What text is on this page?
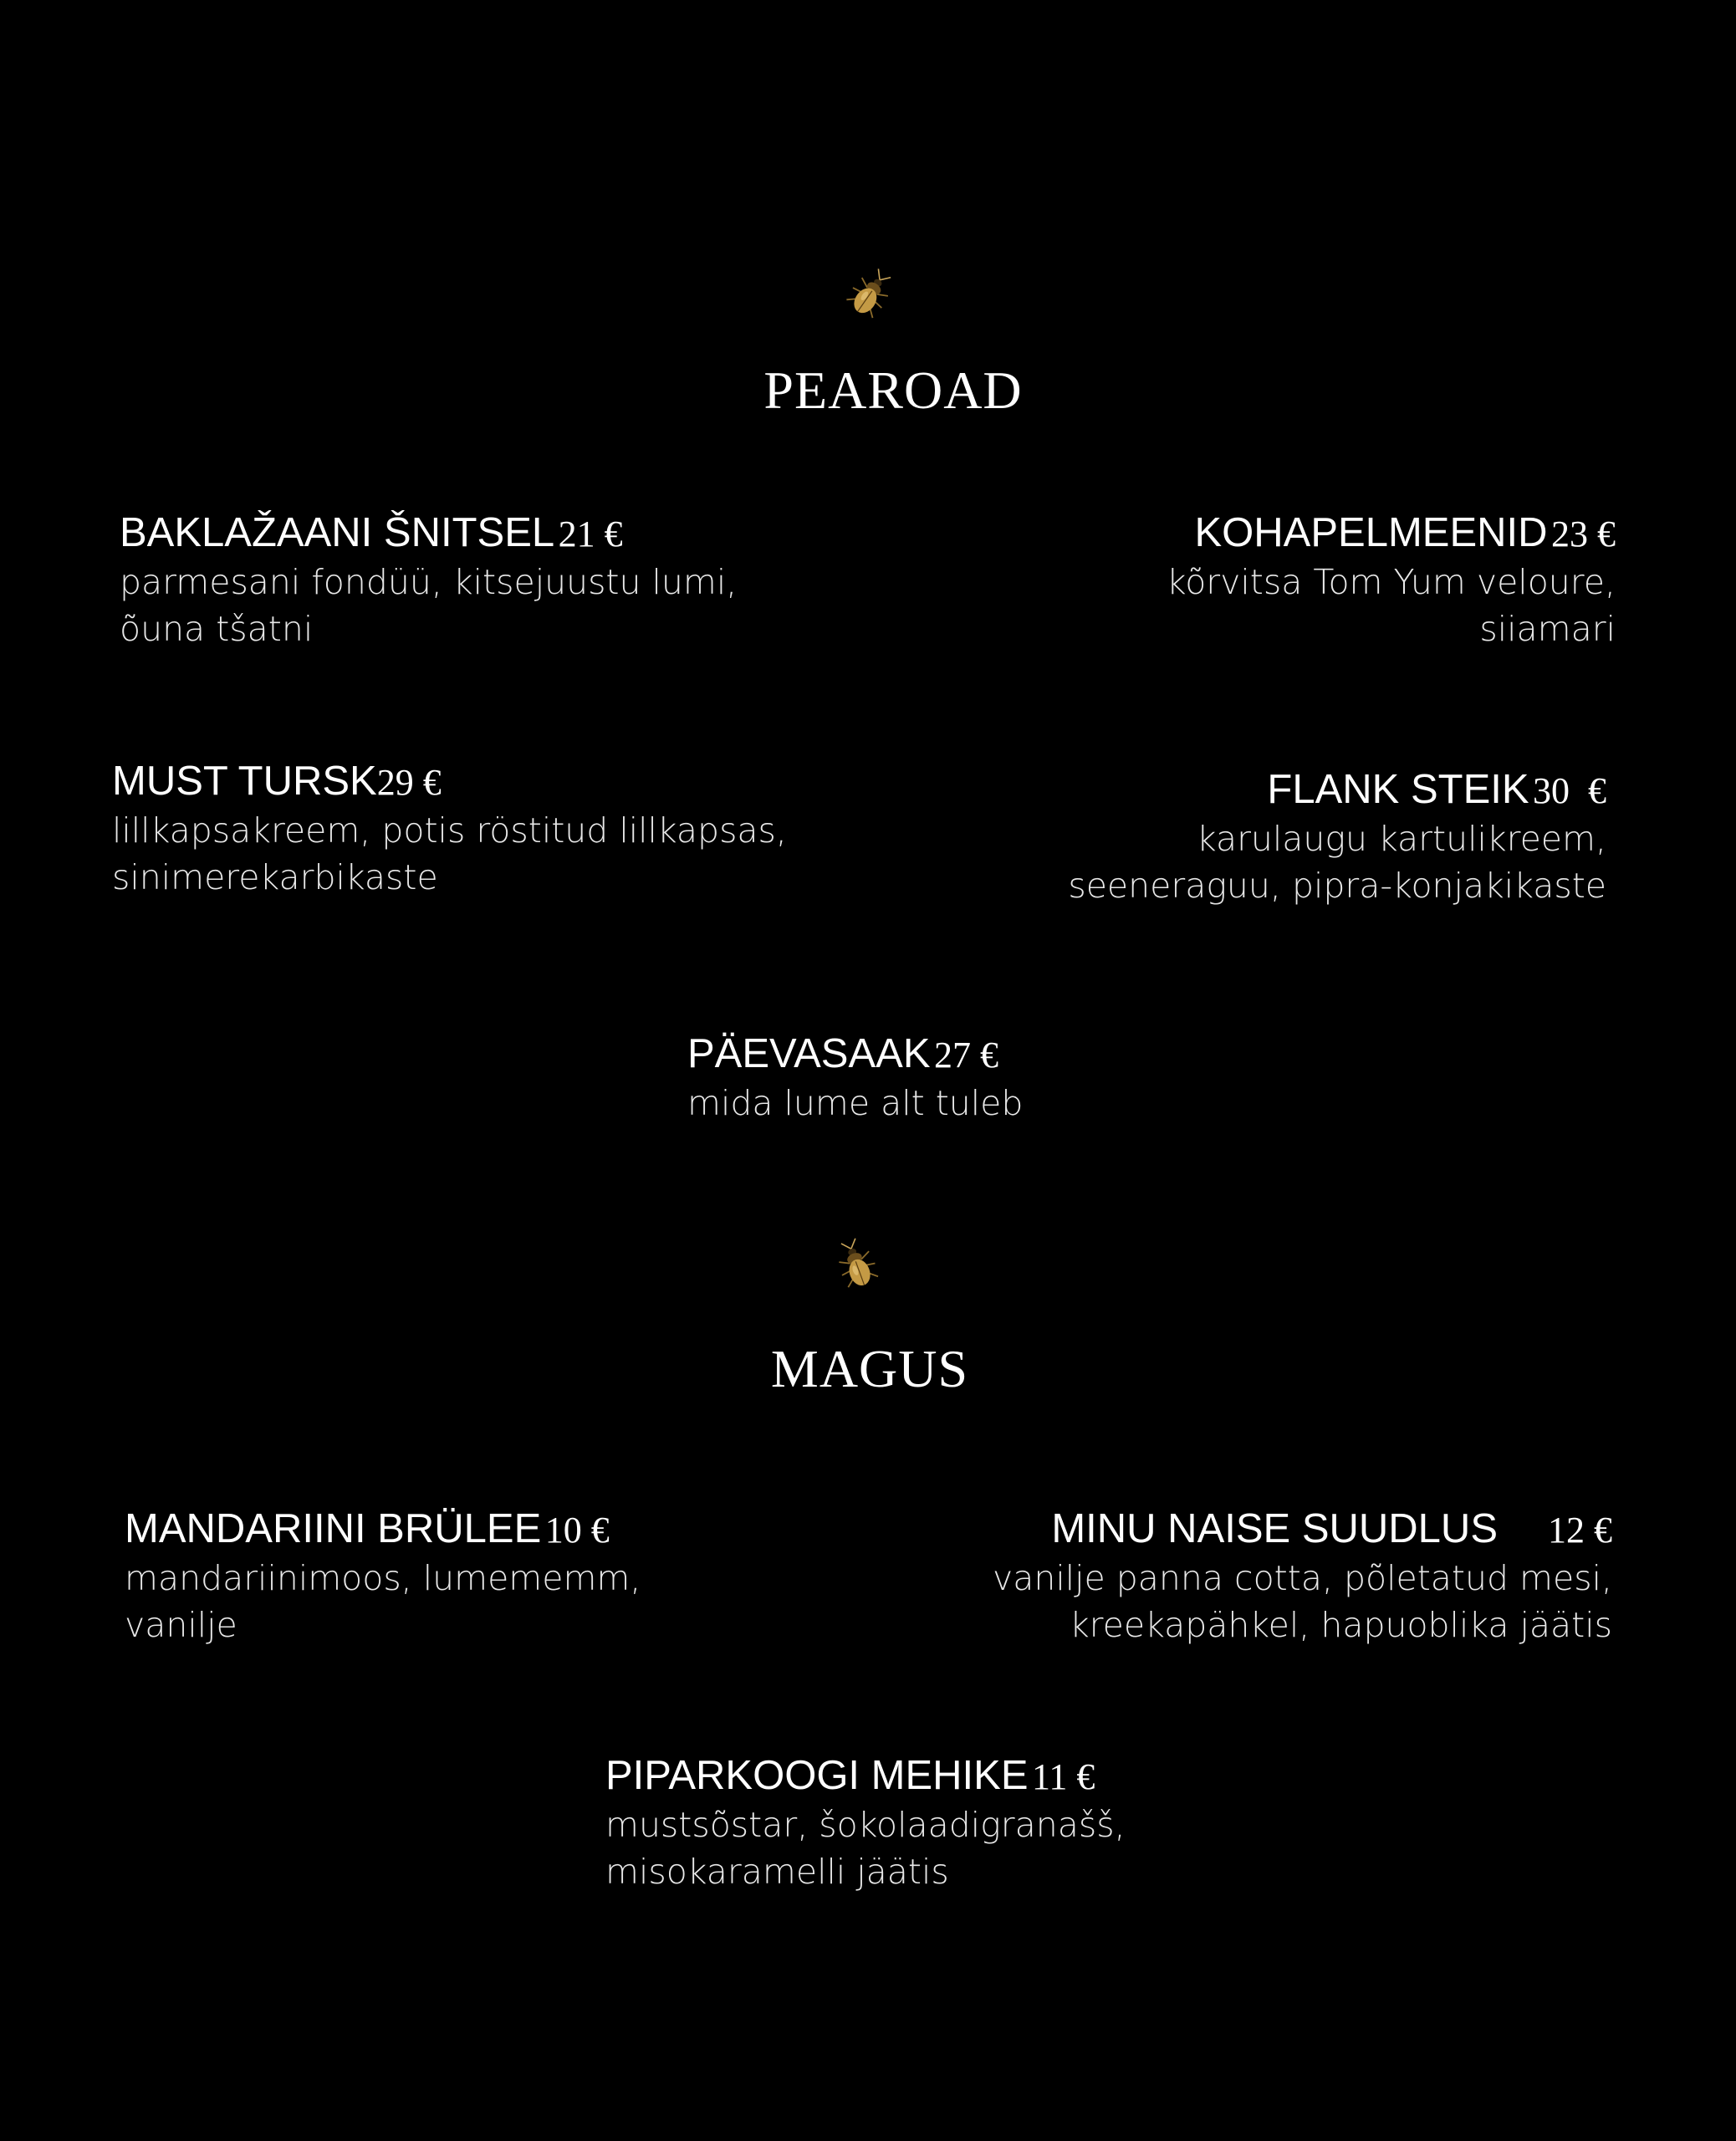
PEAROAD
BAKLAŽAANI ŠNITSEL 21 €
parmesani fondüü, kitsejuustu lumi,
õuna tšatni
KOHAPELMEENID 23 €
kõrvitsa Tom Yum veloure,
siiamari
MUST TURSK29 €
lillkapsakreem, potis röstitud lillkapsas,
sinimerekarbikaste
FLANK STEIK 30  €
karulaugu kartulikreem,
seeneraguu, pipra-konjakikaste
PÄEVASAAK 27 €
mida lume alt tuleb
MAGUS
MANDARIINI BRÜLEE 10 €
mandariinimoos, lumememm,
vanilje
MINU NAISE SUUDLUS 12 €
vanilje panna cotta, põletatud mesi,
kreekapähkel, hapuoblika jäätis
PIPARKOOGI MEHIKE 11 €
mustsõstar, šokolaadigranašš,
misokaramelli jäätis
